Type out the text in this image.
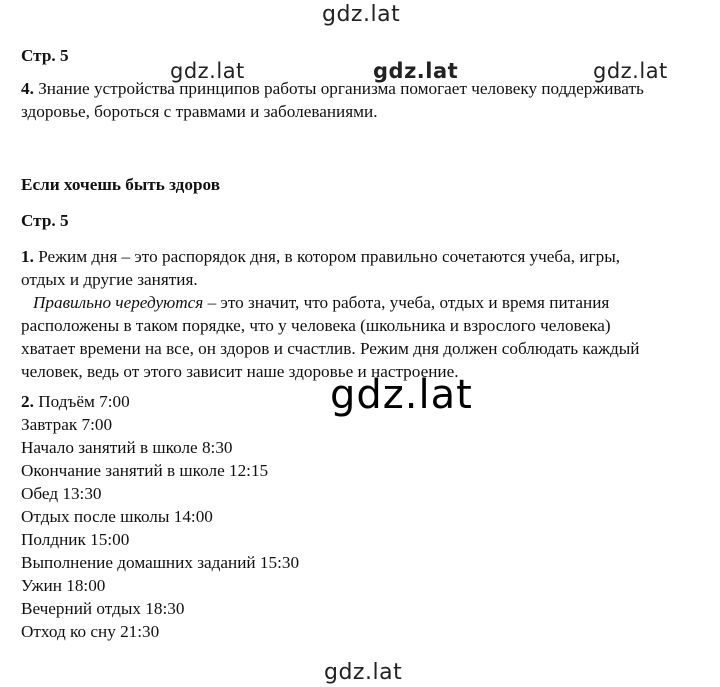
gdz.lat
gdz.lat	gdz.lat	gdz.lat
gdz.lat
gdz.lat
Стр. 5
4. Знание устройства принципов работы организма помогает человеку поддерживать
здоровье, бороться с травмами и заболеваниями.
Если хочешь быть здоров
Стр. 5
1. Режим дня – это распорядок дня, в котором правильно сочетаются учеба, игры,
отдых и другие занятия.
Правильно чередуются – это значит, что работа, учеба, отдых и время питания
расположены в таком порядке, что у человека (школьника и взрослого человека)
хватает времени на все, он здоров и счастлив. Режим дня должен соблюдать каждый
человек, ведь от этого зависит наше здоровье и настроение.
2. Подъём 7:00
Завтрак 7:00
Начало занятий в школе 8:30
Окончание занятий в школе 12:15
Обед 13:30
Отдых после школы 14:00
Полдник 15:00
Выполнение домашних заданий 15:30
Ужин 18:00
Вечерний отдых 18:30
Отход ко сну 21:30
